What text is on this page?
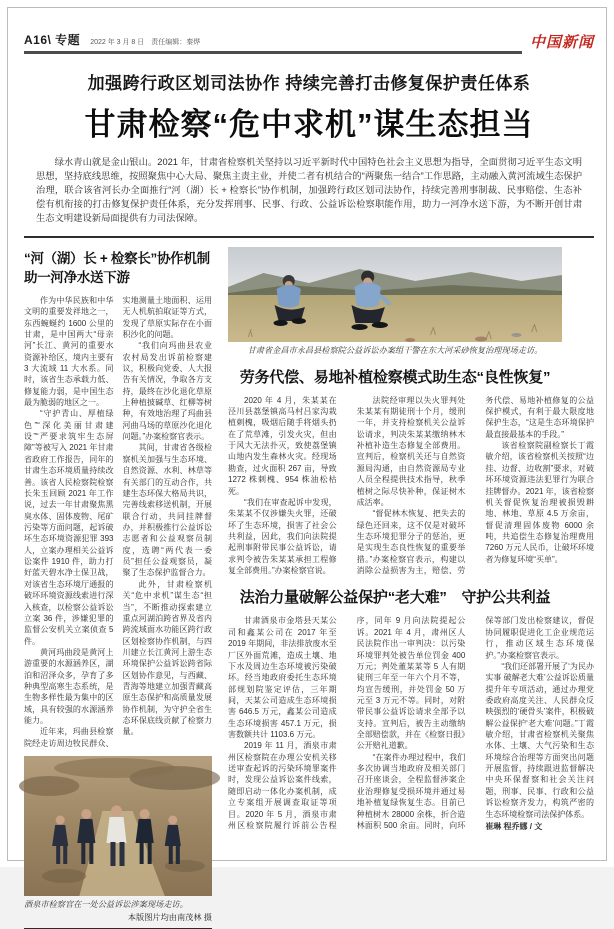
A16\ 专题 2022 年 3 月 8 日　责任编辑：秦烨	中国新闻
加强跨行政区划司法协作 持续完善打击修复保护责任体系
甘肃检察“危中求机”谋生态担当

绿水青山就是金山银山。2021 年，甘肃省检察机关坚持以习近平新时代中国特色社会主义思想为指导，全面贯彻习近平生态文明思想，坚持底线思维，按照聚焦中心大局、聚焦主责主业，并使二者有机结合的“两聚焦一结合”工作思路，主动融入黄河流域生态保护治理，联合该省河长办全面推行“河（湖）长 + 检察长”协作机制，加强跨行政区划司法协作，持续完善刑事制裁、民事赔偿、生态补偿有机衔接的打击修复保护责任体系，充分发挥刑事、民事、行政、公益诉讼检察职能作用，助力一河净水送下游，为不断开创甘肃生态文明建设新局面提供有力司法保障。

“河（湖）长 + 检察长”协作机制
助一河净水送下游

作为中华民族和中华文明的重要发祥地之一，东西蜿蜒约 1600 公里的甘肃，是中国两大“母亲河”长江、黄河的重要水资源补给区，境内主要有 3 大流域 11 大水系。同时，该省生态承载力低、修复能力弱，是中国生态最为脆弱的地区之一。

“守护青山、厚植绿色”“深化美丽甘肃建设”“严要求筑牢生态屏障”等被写入 2021 年甘肃省政府工作报告，同年的甘肃生态环境质量持续改善。该省人民检察院检察长朱玉回顾 2021 年工作说，过去一年甘肃聚焦黑臭水体、固体废物、尾矿污染等方面问题，起诉破坏生态环境资源犯罪 393 人，立案办理相关公益诉讼案件 1910 件，助力打好蓝天碧水净土保卫战，对该省生态环境厅通报的破坏环境资源线索进行深入核查，以检察公益诉讼立案 36 件，涉嫌犯罪的监督公安机关立案侦查 5 件。

黄河玛曲段是黄河上游重要的水源涵养区，湖泊和沼泽众多，孕育了多种典型高寒生态系统，是生物多样性最为集中的区域，具有较强的水源涵养能力。

近年来，玛曲县检察院经走访周边牧民群众、实地测量土地面积、运用无人机航拍取证等方式，发现了草原实际存在小面积沙化的问题。

“我们向玛曲县农业农村局发出诉前检察建议，积极向党委、人大报告有关情况，争取各方支持，最终在沙化退化草原上种植披碱草、红柳等树种，有效地治理了玛曲县河曲马场的草原沙化退化问题。”办案检察官表示。

其间，甘肃省各级检察机关加强与生态环境、自然资源、水利、林草等有关部门的互动合作，共建生态环保大格局共识，完善线索移送机制，开展联合行动，共同挂牌督办，并积极推行公益诉讼志愿者和公益观察员制度，选聘“两代表一委员”担任公益观察员，凝聚了生态保护监督合力。

此外，甘肃检察机关“危中求机”谋生态“担当”，不断推动探索建立重点河湖泊跨省界及省内跨流域面水功能区跨行政区划检察协作机制，与四川建立长江黄河上游生态环境保护公益诉讼跨省际区划协作意见，与西藏、青海等地建立加强青藏高原生态保护和高质量发展协作机制，为守护全省生态环保底线贡献了检察力量。

酒泉市检察官在一处公益诉讼涉案现场走访。
本版图片均由南茂林 摄
甘肃省金昌市永昌县检察院公益诉讼办案组干警在东大河采砂恢复治理现场走访。
劳务代偿、易地补植检察模式助生态“良性恢复”

2020 年 4 月，朱某某在泾川县荔堡镇高马村吕家沟栽植刺槐，吸烟后随手将烟头扔在了荒草滩，引发火灾，但由于风大无法扑灭，致使荔堡镇山地内发生森林火灾。经现场勘查，过火面积 267 亩，导致 1272 株刺槐、954 株油松枯死。

“我们在审查起诉中发现，朱某某不仅涉嫌失火罪，还破坏了生态环境，损害了社会公共利益，因此，我们向法院提起刑事附带民事公益诉讼，请求判令被告朱某某承担工程修复全部费用。”办案检察官说。

法院经审理以失火罪判处朱某某有期徒刑十个月，缓刑一年，并支持检察机关公益诉讼请求，判决朱某某缴纳林木补植补造生态修复全部费用。宣判后，检察机关还与自然资源局沟通，由自然资源局专业人员全程提供技术指导，秋季植树之际尽快补种，保证树木成活率。

“督促林木恢复、把失去的绿色还回来，这不仅是对破坏生态环境犯罪分子的惩治，更是实现生态良性恢复的重要举措。”办案检察官表示，构建以消除公益损害为主，赔偿、劳务代偿、易地补植修复的公益保护模式，有利于最大限度地保护生态，“这是生态环境保护最直接最基本的手段。”

该省检察院副检察长丁霞敏介绍，该省检察机关按照“边挂、边督、边收割”要求，对破坏环境资源违法犯罪行为联合挂牌督办。2021 年，该省检察机关督促恢复治理被损毁耕地、林地、草原 4.5 万余亩，督促清理固体废物 6000 余吨，共追偿生态修复治理费用 7260 万元人民币，让破坏环境者为修复环境“买单”。

法治力量破解公益保护“老大难”　守护公共利益

甘肃酒泉市金塔县天某公司和鑫某公司在 2017 年至 2019 年期间，非法排放废水至厂区外面荒滩，造成土壤、地下水及周边生态环境被污染破坏。经当地政府委托生态环境部规划院鉴定评估，三年期间，天某公司造成生态环境损害 646.5 万元，鑫某公司造成生态环境损害 457.1 万元，损害数额共计 1103.6 万元。

2019 年 11 月，酒泉市肃州区检察院在办理公安机关移送审查起诉的污染环境罪案件时，发现公益诉讼案件线索，随即启动一体化办案机制，成立专案组开展调查取证等项目。2020 年 5 月，酒泉市肃州区检察院履行诉前公告程序，同年 9 月向法院提起公诉。2021 年 4 月，肃州区人民法院作出一审判决：以污染环境罪判处被告单位罚金 400 万元；判处董某某等 5 人有期徒刑三年至一年六个月不等，均宣告缓刑，并处罚金 50 万元至 3 万元不等。同时，对附带民事公益诉讼请求全部予以支持。宣判后，被告主动缴纳全部赔偿款，并在《检察日报》公开赔礼道歉。

“在案件办理过程中，我们多次协调当地政府及相关部门召开座谈会，全程监督涉案企业治理修复受损环境并通过易地补植复绿恢复生态。目前已种植树木 28000 余株，折合造林面积 500 余亩。同时，向环保等部门发出检察建议，督促协同履职促进化工企业规范运行，推动区域生态环境保护。”办案检察官表示。

“我们还部署开展了‘为民办实事 破解老大难’公益诉讼质量提升年专项活动，通过办理党委政府高度关注、人民群众反映强烈的‘硬骨头’案件，积极破解公益保护‘老大难’问题。”丁霞敏介绍，甘肃省检察机关聚焦水体、土壤、大气污染和生态环境综合治理等方面突出问题开展监督，持续跟进监督解决中央环保督察和社会关注问题，刑事、民事、行政和公益诉讼检察齐发力，构筑严密的生态环境检察司法保护体系。

崔琳 程乔娜 / 文
